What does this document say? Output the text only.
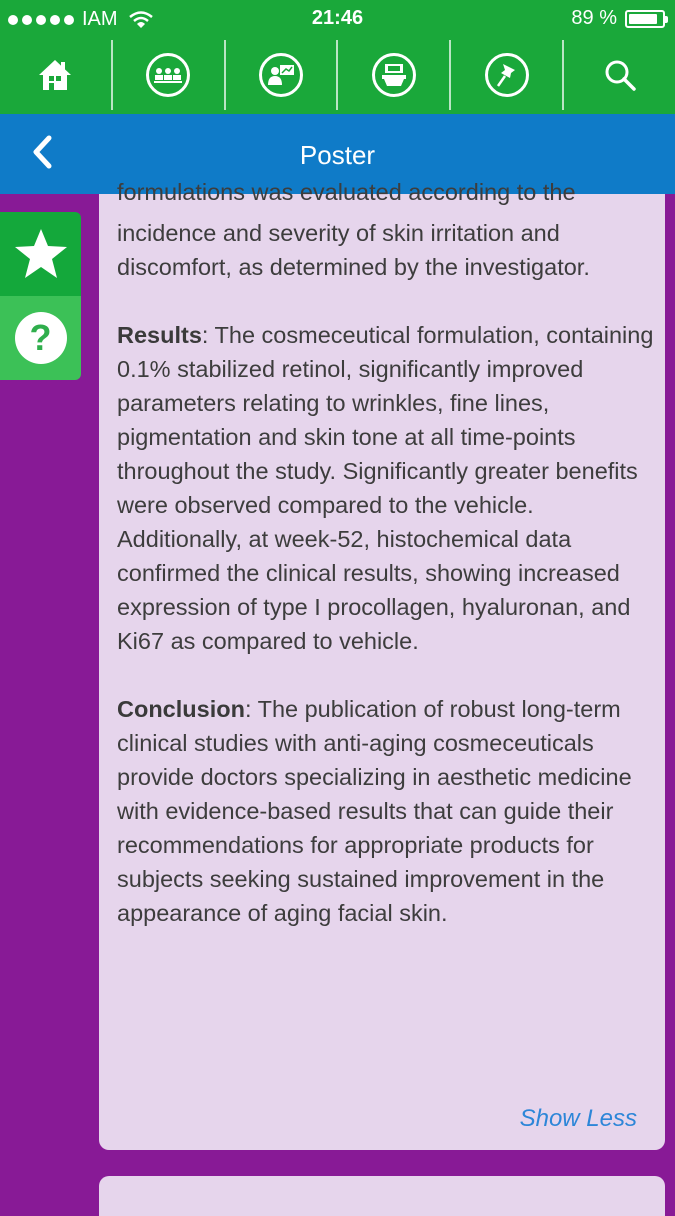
IAM	21:46	89 %
Poster
?
formulations was evaluated according to the

incidence and severity of skin irritation and discomfort, as determined by the investigator.

Results: The cosmeceutical formulation, containing 0.1% stabilized retinol, significantly improved parameters relating to wrinkles, fine lines, pigmentation and skin tone at all time-points throughout the study. Significantly greater benefits were observed compared to the vehicle. Additionally, at week-52, histochemical data confirmed the clinical results, showing increased expression of type I procollagen, hyaluronan, and Ki67 as compared to vehicle.

Conclusion: The publication of robust long-term clinical studies with anti-aging cosmeceuticals provide doctors specializing in aesthetic medicine with evidence-based results that can guide their recommendations for appropriate products for subjects seeking sustained improvement in the appearance of aging facial skin.

Show Less
